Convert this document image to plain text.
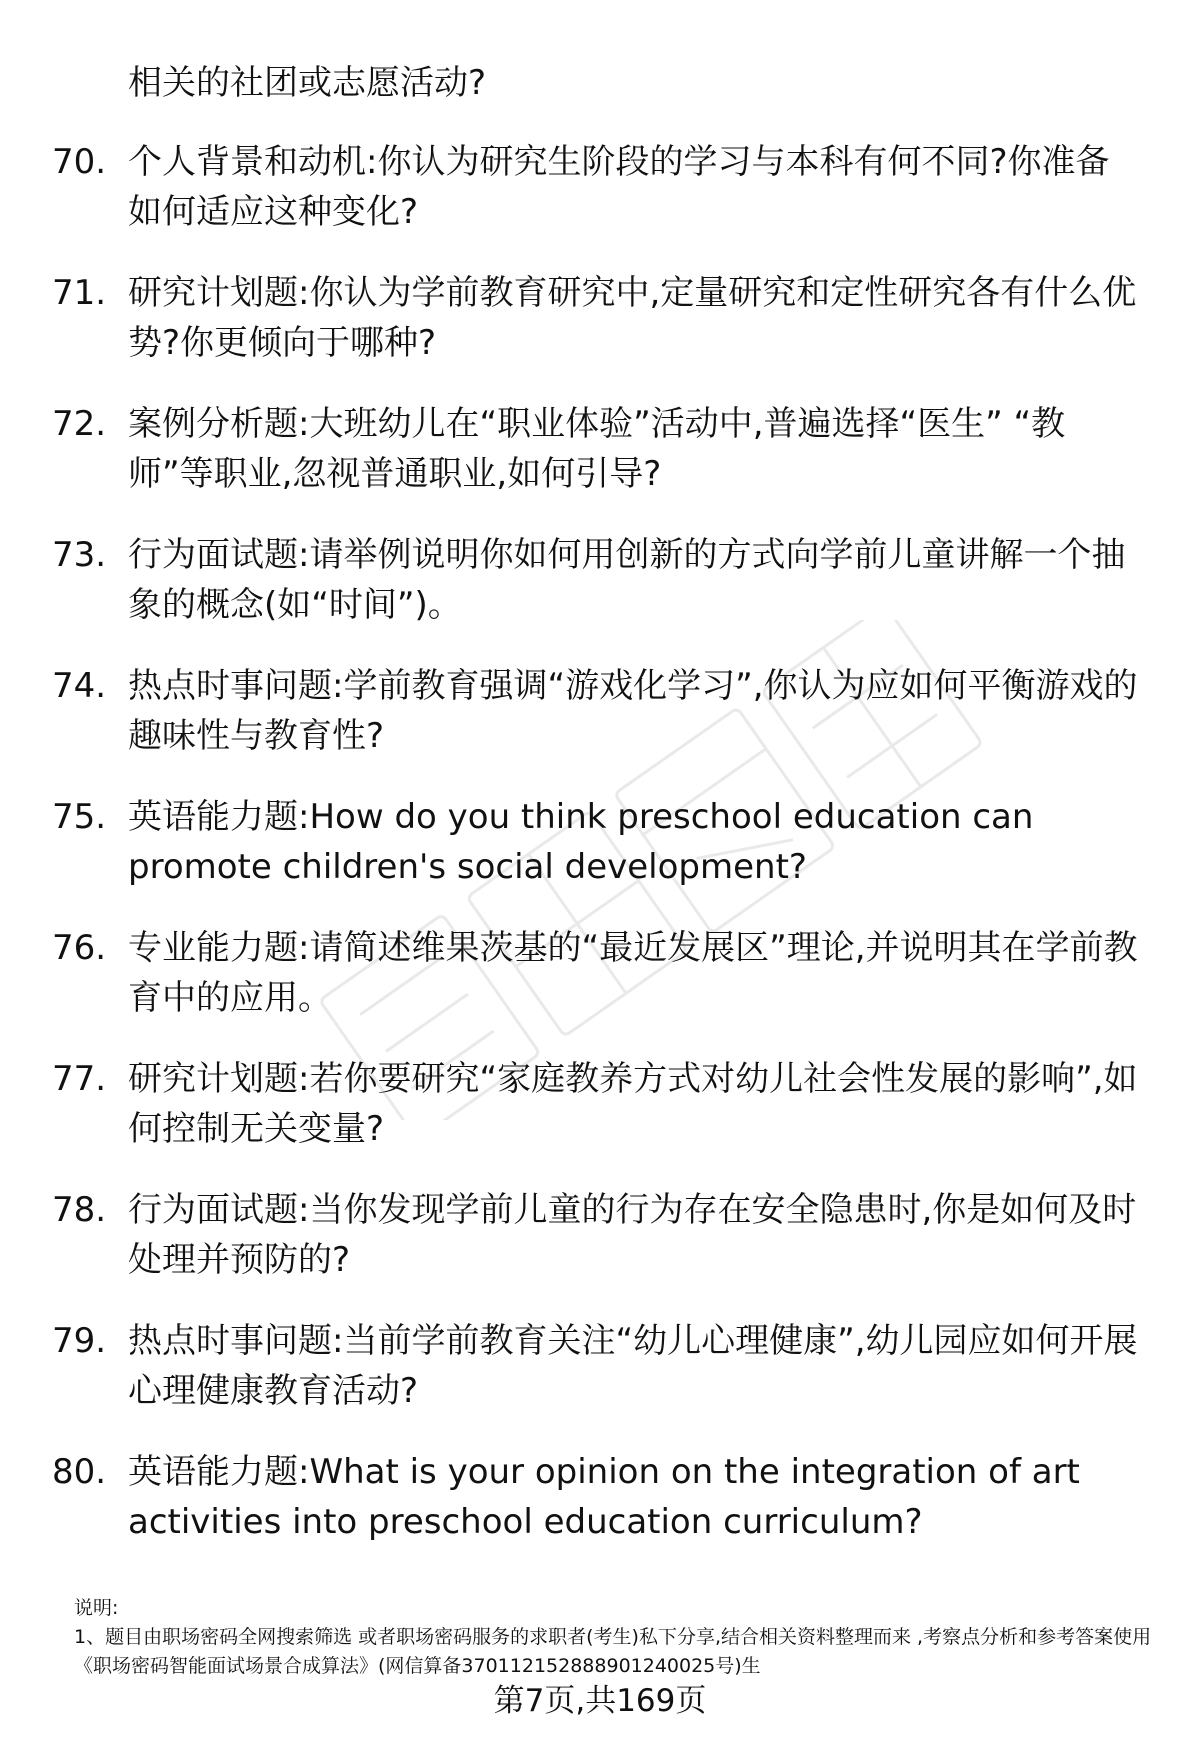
相关的社团或志愿活动?
70. 个人背景和动机:你认为研究生阶段的学习与本科有何不同?你准备如何适应这种变化?
71. 研究计划题:你认为学前教育研究中,定量研究和定性研究各有什么优势?你更倾向于哪种?
72. 案例分析题:大班幼儿在“职业体验”活动中,普遍选择“医生” “教师”等职业,忽视普通职业,如何引导?
73. 行为面试题:请举例说明你如何用创新的方式向学前儿童讲解一个抽象的概念(如“时间”)。
74. 热点时事问题:学前教育强调“游戏化学习”,你认为应如何平衡游戏的趣味性与教育性?
75. 英语能力题:How do you think preschool education can promote children's social development?
76. 专业能力题:请简述维果茨基的“最近发展区”理论,并说明其在学前教育中的应用。
77. 研究计划题:若你要研究“家庭教养方式对幼儿社会性发展的影响”,如何控制无关变量?
78. 行为面试题:当你发现学前儿童的行为存在安全隐患时,你是如何及时处理并预防的?
79. 热点时事问题:当前学前教育关注“幼儿心理健康”,幼儿园应如何开展心理健康教育活动?
80. 英语能力题:What is your opinion on the integration of art activities into preschool education curriculum?
说明:
1、题目由职场密码全网搜索筛选 或者职场密码服务的求职者(考生)私下分享,结合相关资料整理而来 ,考察点分析和参考答案使用《职场密码智能面试场景合成算法》(网信算备370112152888901240025号)生
第7页,共169页
